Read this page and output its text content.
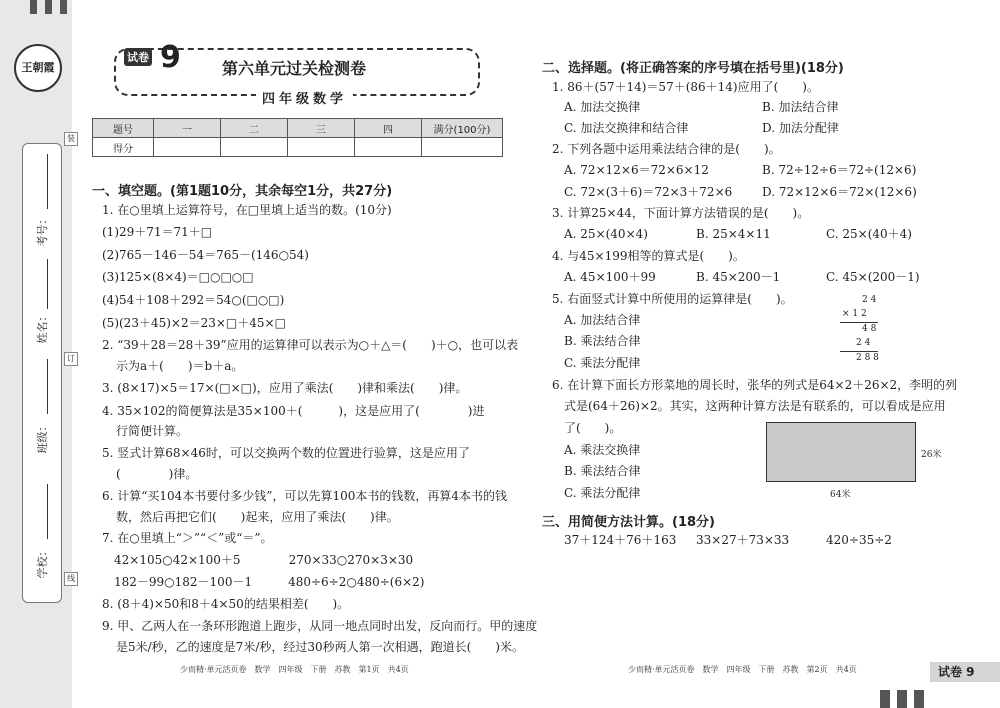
王朝霞
学校：
班级：
姓名：
考号：
装
订
线
试卷 9	第六单元过关检测卷
四年级数学
题号	一	二	三	四	满分(100分)
得分					
一、填空题。(第1题10分，其余每空1分，共27分)
1. 在○里填上运算符号，在□里填上适当的数。(10分)
(1)29＋71＝71＋□
(2)765－146－54＝765－(146○54)
(3)125×(8×4)＝□○□○□
(4)54＋108＋292＝54○(□○□)
(5)(23＋45)×2＝23×□＋45×□
2. “39＋28＝28＋39”应用的运算律可以表示为○＋△＝(　　)＋○，也可以表
示为a＋(　　)＝b＋a。
3. (8×17)×5＝17×(□×□)，应用了乘法(　　)律和乘法(　　)律。
4. 35×102的简便算法是35×100＋(　　　)，这是应用了(　　　　)进
行简便计算。
5. 竖式计算68×46时，可以交换两个数的位置进行验算，这是应用了
(　　　　)律。
6. 计算“买104本书要付多少钱”，可以先算100本书的钱数，再算4本书的钱
数，然后再把它们(　　)起来，应用了乘法(　　)律。
7. 在○里填上“＞”“＜”或“＝”。
42×105○42×100＋5　　　　270×33○270×3×30
182－99○182－100－1　　　480÷6÷2○480÷(6×2)
8. (8＋4)×50和8＋4×50的结果相差(　　)。
9. 甲、乙两人在一条环形跑道上跑步，从同一地点同时出发，反向而行。甲的速度
是5米/秒，乙的速度是7米/秒，经过30秒两人第一次相遇，跑道长(　　)米。
二、选择题。(将正确答案的序号填在括号里)(18分)
1. 86＋(57＋14)＝57＋(86＋14)应用了(　　)。
A. 加法交换律	B. 加法结合律
C. 加法交换律和结合律	D. 加法分配律
2. 下列各题中运用乘法结合律的是(　　)。
A. 72×12×6＝72×6×12	B. 72÷12÷6＝72÷(12×6)
C. 72×(3＋6)＝72×3＋72×6 D. 72×12×6＝72×(12×6)
3. 计算25×44，下面计算方法错误的是(　　)。
A. 25×(40×4)	B. 25×4×11	C. 25×(40＋4)
4. 与45×199相等的算式是(　　)。
A. 45×100＋99	B. 45×200－1	C. 45×(200－1)
5. 右面竖式计算中所使用的运算律是(　　)。
A. 加法结合律
B. 乘法结合律
C. 乘法分配律
2 4
× 1 2
4 8
2 4
2 8 8
6. 在计算下面长方形菜地的周长时，张华的列式是64×2＋26×2，李明的列
式是(64＋26)×2。其实，这两种计算方法是有联系的，可以看成是应用
了(　　)。
A. 乘法交换律
B. 乘法结合律
C. 乘法分配律
26米
64米
三、用简便方法计算。(18分)
37＋124＋76＋163 33×27＋73×33	420÷35÷2
少而精·单元活页卷　数学　四年级　下册　苏教　第1页　共4页	少而精·单元活页卷　数学　四年级　下册　苏教　第2页　共4页	试卷 9
